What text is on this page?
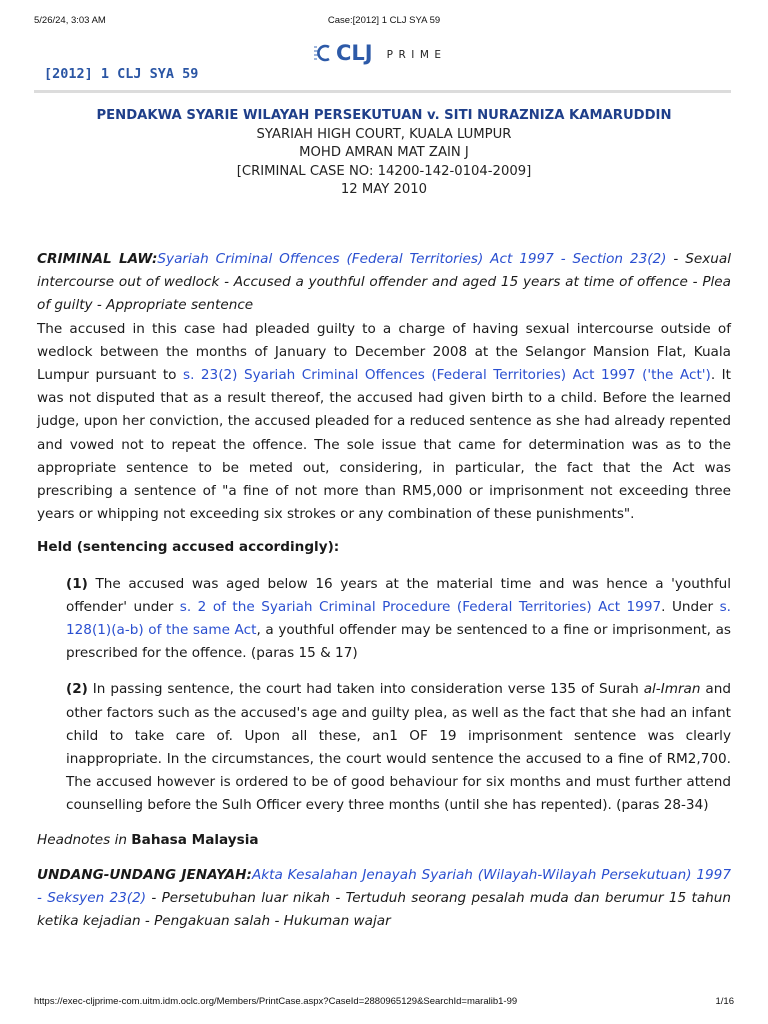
5/26/24, 3:03 AM	Case:[2012] 1 CLJ SYA 59
CLJ PRIME
[2012] 1 CLJ SYA 59
PENDAKWA SYARIE WILAYAH PERSEKUTUAN v. SITI NURAZNIZA KAMARUDDIN
SYARIAH HIGH COURT, KUALA LUMPUR
MOHD AMRAN MAT ZAIN J
[CRIMINAL CASE NO: 14200-142-0104-2009]
12 MAY 2010

CRIMINAL LAW:Syariah Criminal Offences (Federal Territories) Act 1997 - Section 23(2) - Sexual intercourse out of wedlock - Accused a youthful offender and aged 15 years at time of offence - Plea of guilty - Appropriate sentence

The accused in this case had pleaded guilty to a charge of having sexual intercourse outside of wedlock between the months of January to December 2008 at the Selangor Mansion Flat, Kuala Lumpur pursuant to s. 23(2) Syariah Criminal Offences (Federal Territories) Act 1997 ('the Act'). It was not disputed that as a result thereof, the accused had given birth to a child. Before the learned judge, upon her conviction, the accused pleaded for a reduced sentence as she had already repented and vowed not to repeat the offence. The sole issue that came for determination was as to the appropriate sentence to be meted out, considering, in particular, the fact that the Act was prescribing a sentence of "a fine of not more than RM5,000 or imprisonment not exceeding three years or whipping not exceeding six strokes or any combination of these punishments".

Held (sentencing accused accordingly):

(1) The accused was aged below 16 years at the material time and was hence a 'youthful offender' under s. 2 of the Syariah Criminal Procedure (Federal Territories) Act 1997. Under s. 128(1)(a-b) of the same Act, a youthful offender may be sentenced to a fine or imprisonment, as prescribed for the offence. (paras 15 & 17)

(2) In passing sentence, the court had taken into consideration verse 135 of Surah al-Imran and other factors such as the accused's age and guilty plea, as well as the fact that she had an infant child to take care of. Upon all these, an1 OF 19 imprisonment sentence was clearly inappropriate. In the circumstances, the court would sentence the accused to a fine of RM2,700. The accused however is ordered to be of good behaviour for six months and must further attend counselling before the Sulh Officer every three months (until she has repented). (paras 28-34)

Headnotes in Bahasa Malaysia

UNDANG-UNDANG JENAYAH:Akta Kesalahan Jenayah Syariah (Wilayah-Wilayah Persekutuan) 1997 - Seksyen 23(2) - Persetubuhan luar nikah - Tertuduh seorang pesalah muda dan berumur 15 tahun ketika kejadian - Pengakuan salah - Hukuman wajar

https://exec-cljprime-com.uitm.idm.oclc.org/Members/PrintCase.aspx?CaseId=2880965129&SearchId=maralib1-99	1/16
